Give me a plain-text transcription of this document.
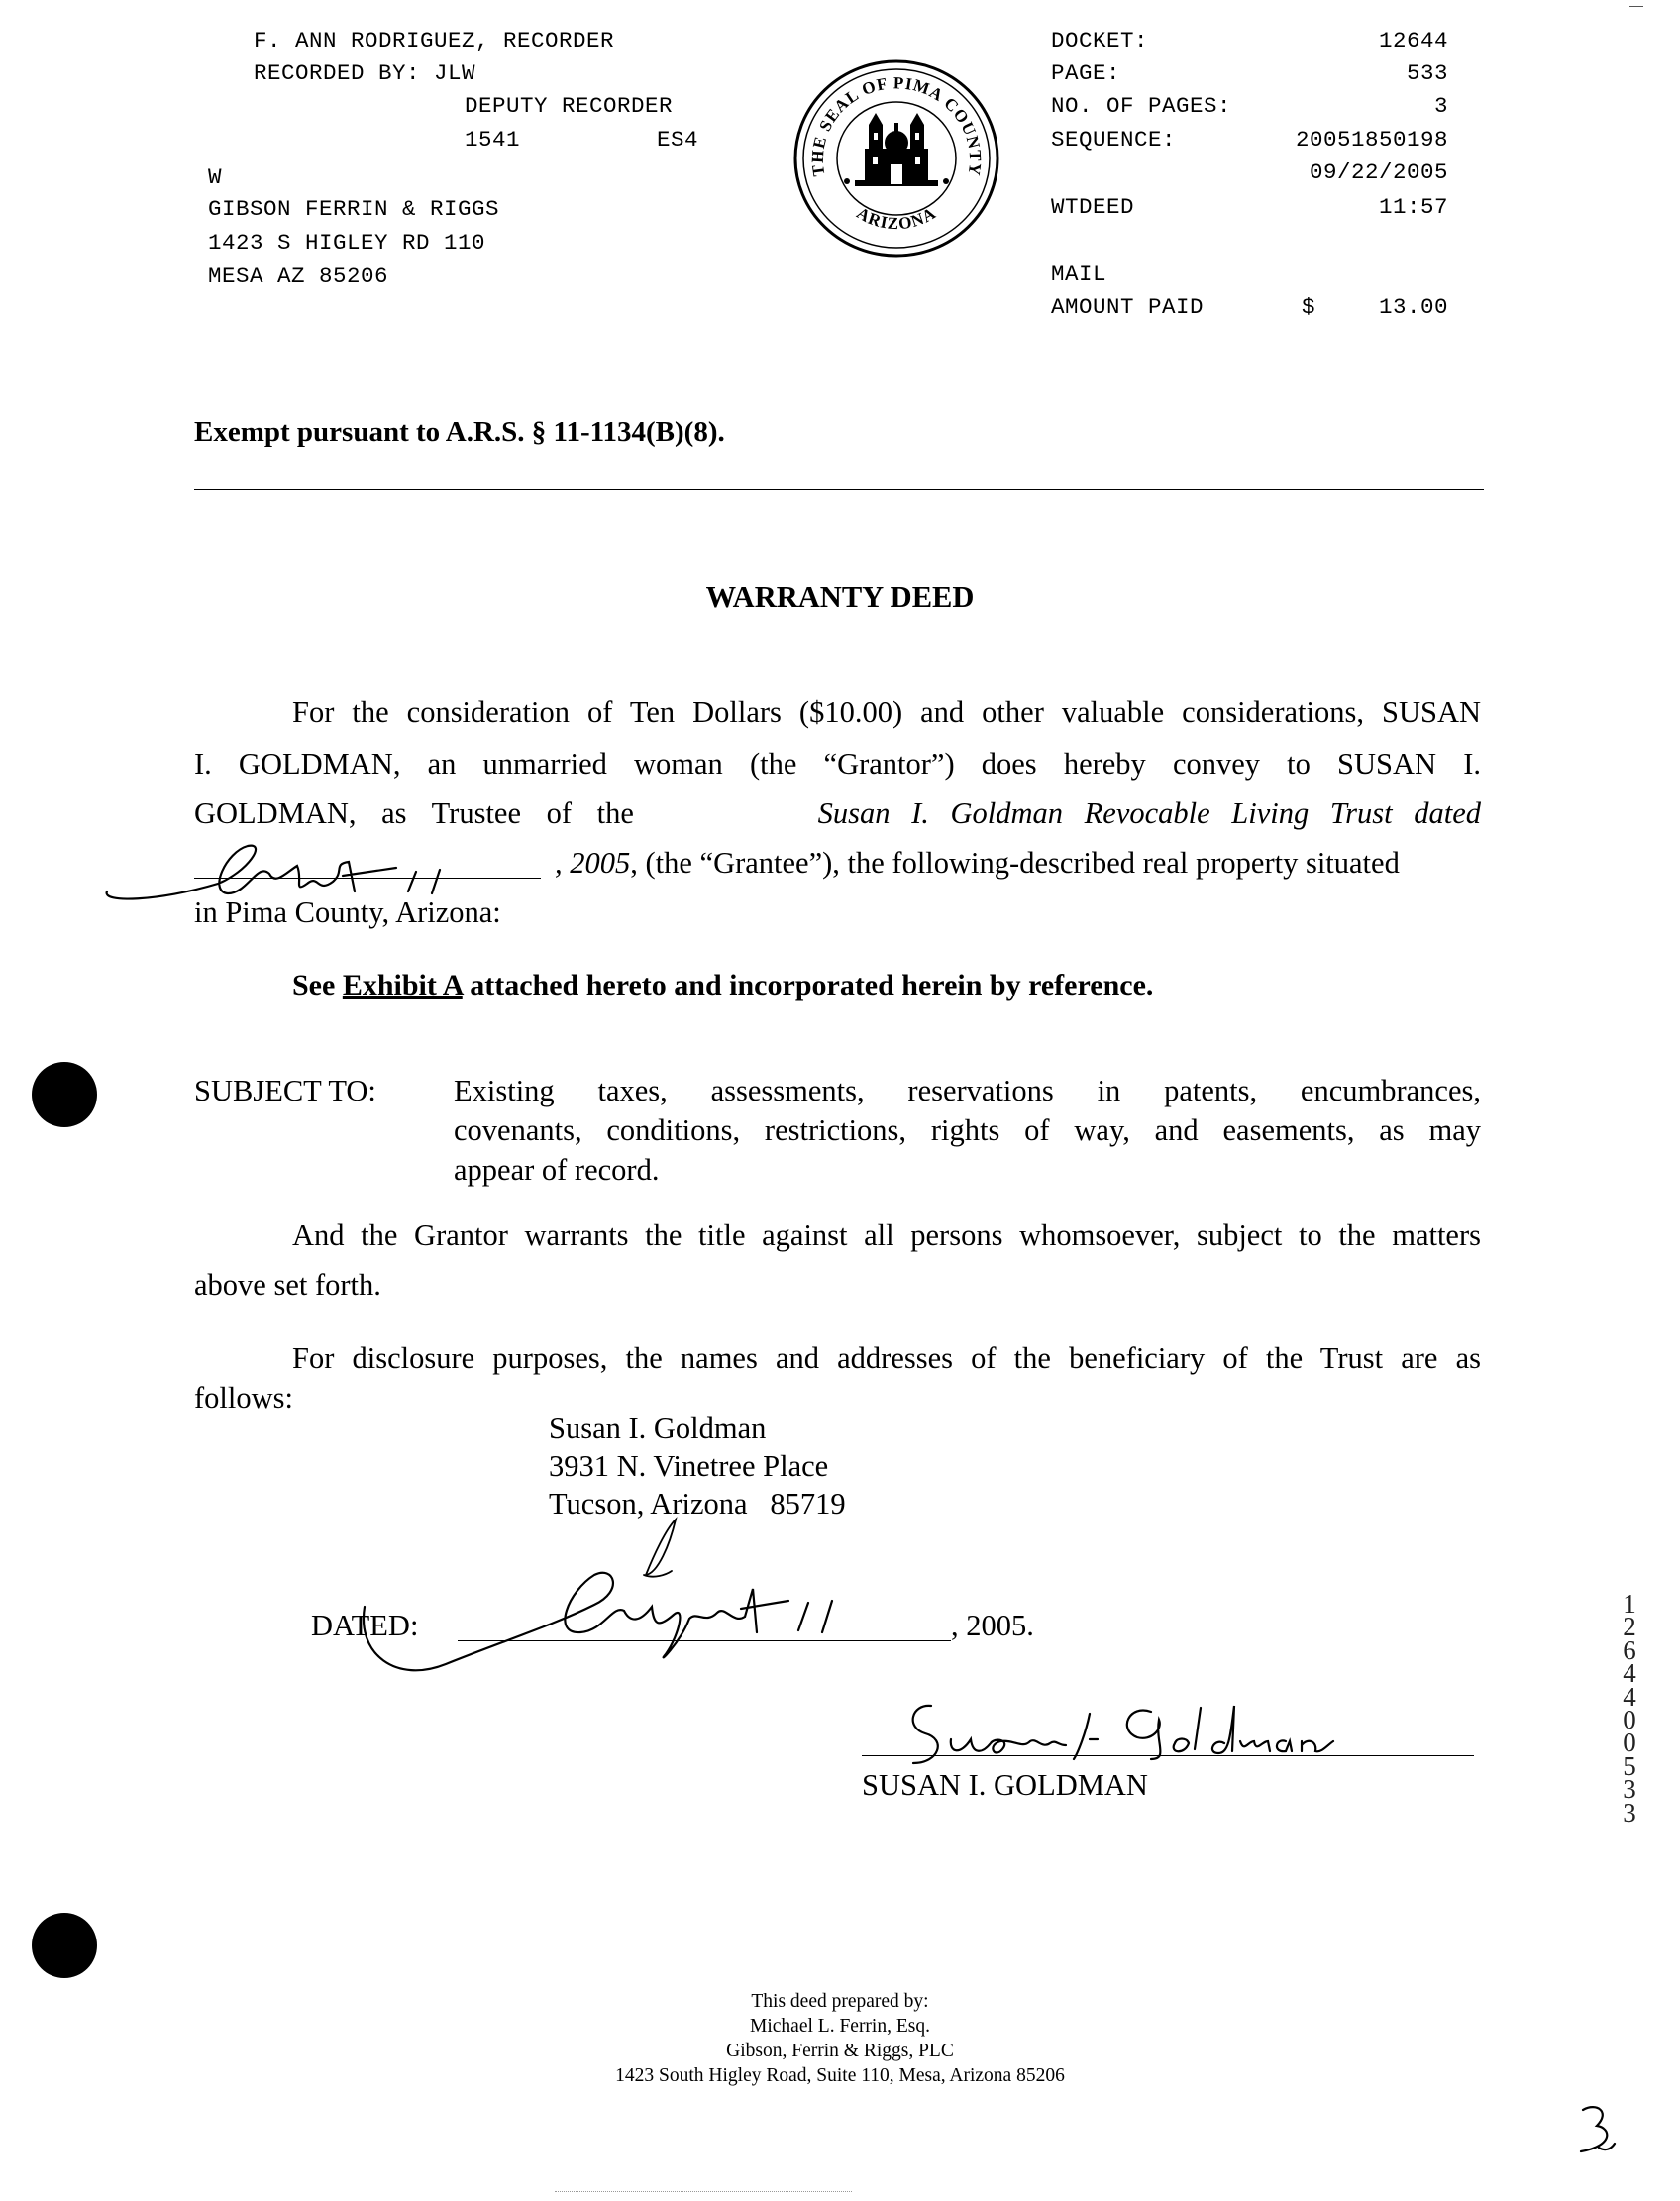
F. ANN RODRIGUEZ, RECORDER
RECORDED BY: JLW
DEPUTY RECORDER
1541	ES4
W
GIBSON FERRIN & RIGGS
1423 S HIGLEY RD 110
MESA AZ 85206
THE SEAL OF PIMA COUNTY
ARIZONA
DOCKET:	12644
PAGE:	533
NO. OF PAGES:	3
SEQUENCE:	20051850198
09/22/2005
WTDEED	11:57
MAIL
AMOUNT PAID	$	13.00
Exempt pursuant to A.R.S. § 11-1134(B)(8).
WARRANTY DEED
For the consideration of Ten Dollars ($10.00) and other valuable considerations, SUSAN
I. GOLDMAN, an unmarried woman (the “Grantor”) does hereby convey to SUSAN I.
GOLDMAN, as Trustee of the	Susan I. Goldman Revocable Living Trust dated
, 2005 , (the “Grantee”), the following-described real property situated
in Pima County, Arizona:
See Exhibit A attached hereto and incorporated herein by reference.
SUBJECT TO:	Existing taxes, assessments, reservations in patents, encumbrances,
covenants, conditions, restrictions, rights of way, and easements, as may
appear of record.
And the Grantor warrants the title against all persons whomsoever, subject to the matters
above set forth.
For disclosure purposes, the names and addresses of the beneficiary of the Trust are as
follows:
Susan I. Goldman
3931 N. Vinetree Place
Tucson, Arizona   85719
DATED:	, 2005.
SUSAN I. GOLDMAN
1
2
6
4
4
0
0
5
3
3
This deed prepared by:
Michael L. Ferrin, Esq.
Gibson, Ferrin & Riggs, PLC
1423 South Higley Road, Suite 110, Mesa, Arizona 85206
